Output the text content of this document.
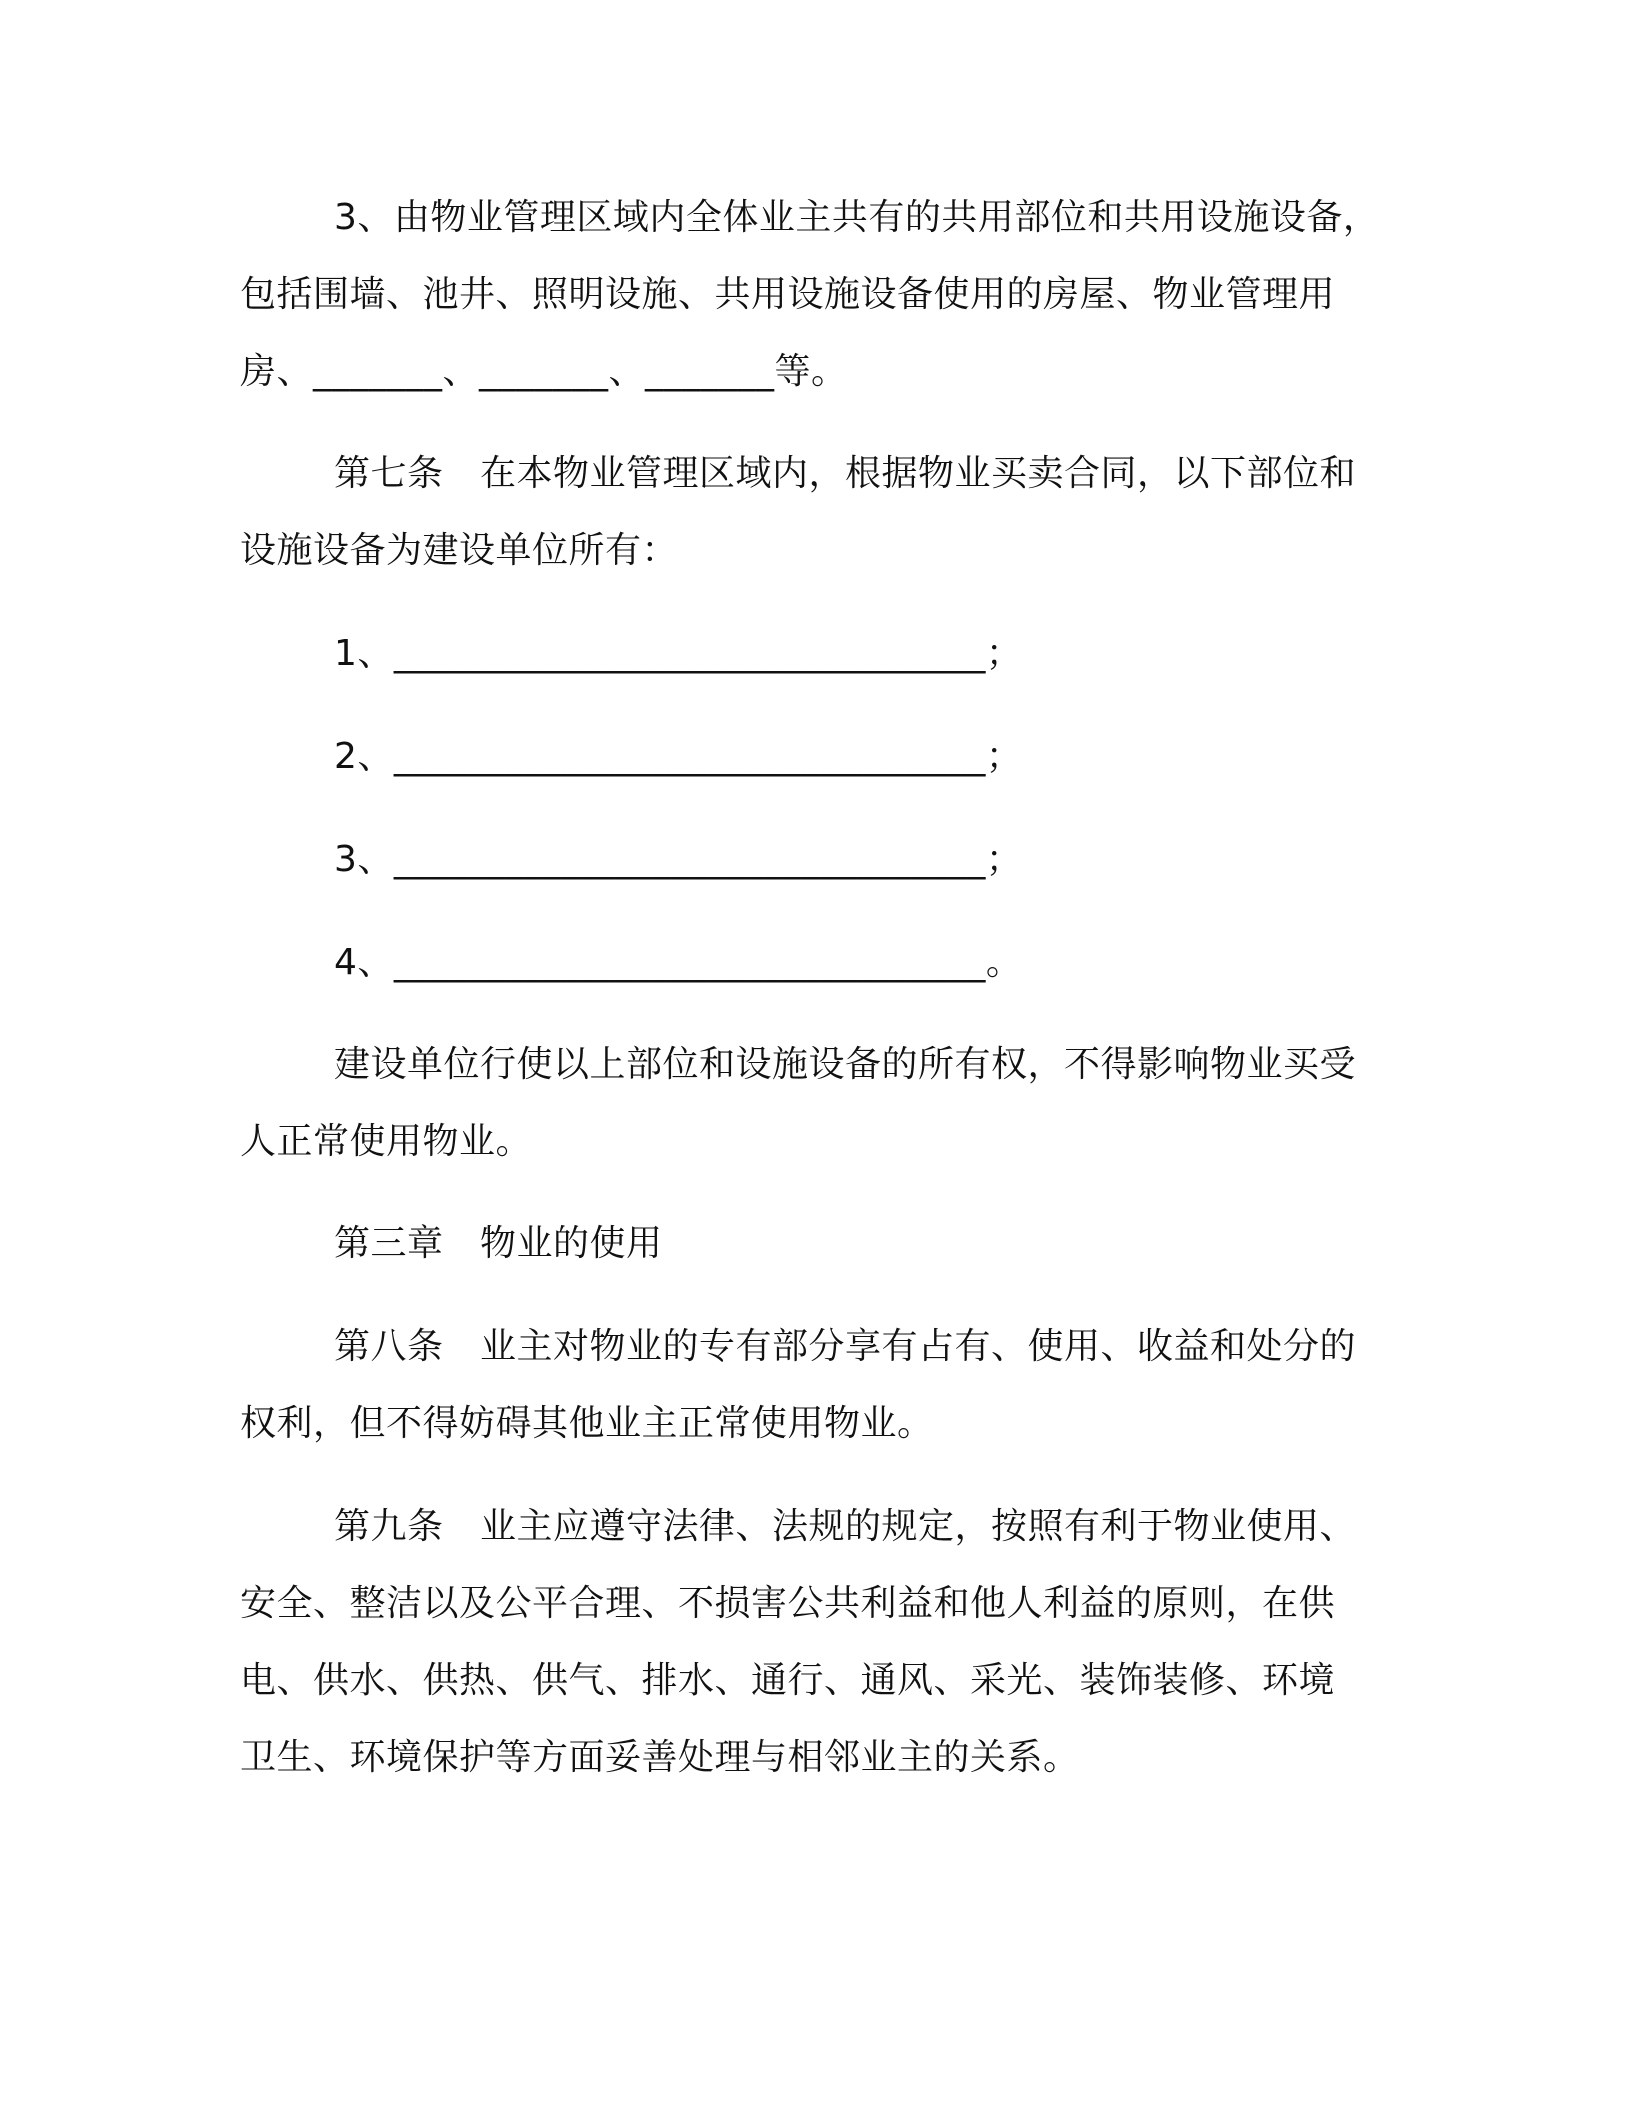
3、由物业管理区域内全体业主共有的共用部位和共用设施设备，
包括围墙、池井、照明设施、共用设施设备使用的房屋、物业管理用
房、_______、_______、_______等。
第七条　在本物业管理区域内，根据物业买卖合同，以下部位和
设施设备为建设单位所有：
1、________________________________；
2、________________________________；
3、________________________________；
4、________________________________。
建设单位行使以上部位和设施设备的所有权，不得影响物业买受
人正常使用物业。
第三章　物业的使用
第八条　业主对物业的专有部分享有占有、使用、收益和处分的
权利，但不得妨碍其他业主正常使用物业。
第九条　业主应遵守法律、法规的规定，按照有利于物业使用、
安全、整洁以及公平合理、不损害公共利益和他人利益的原则，在供
电、供水、供热、供气、排水、通行、通风、采光、装饰装修、环境
卫生、环境保护等方面妥善处理与相邻业主的关系。
